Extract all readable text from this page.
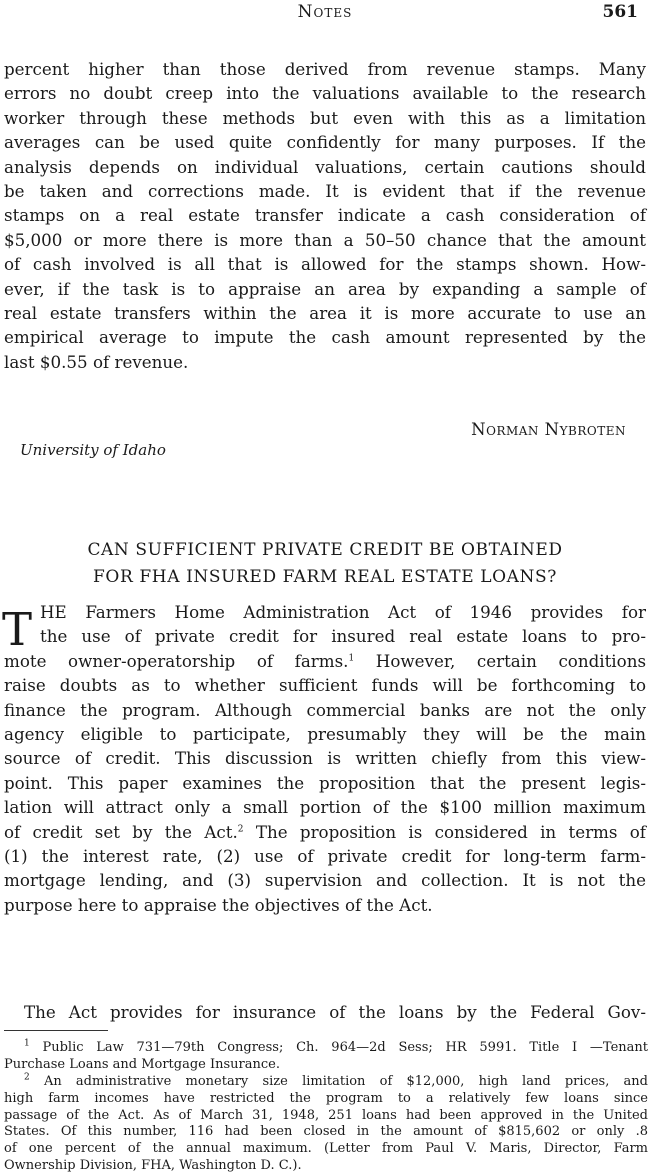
Notes	561
percent higher than those derived from revenue stamps. Many
errors no doubt creep into the valuations available to the research
worker through these methods but even with this as a limitation
averages can be used quite confidently for many purposes. If the
analysis depends on individual valuations, certain cautions should
be taken and corrections made. It is evident that if the revenue
stamps on a real estate transfer indicate a cash consideration of
$5,000 or more there is more than a 50–50 chance that the amount
of cash involved is all that is allowed for the stamps shown. How-
ever, if the task is to appraise an area by expanding a sample of
real estate transfers within the area it is more accurate to use an
empirical average to impute the cash amount represented by the
last $0.55 of revenue.
Norman Nybroten
University of Idaho
CAN SUFFICIENT PRIVATE CREDIT BE OBTAINED
FOR FHA INSURED FARM REAL ESTATE LOANS?
T HE Farmers Home Administration Act of 1946 provides for
the use of private credit for insured real estate loans to pro-
mote owner-operatorship of farms.$^1$ However, certain conditions
raise doubts as to whether sufficient funds will be forthcoming to
finance the program. Although commercial banks are not the only
agency eligible to participate, presumably they will be the main
source of credit. This discussion is written chiefly from this view-
point. This paper examines the proposition that the present legis-
lation will attract only a small portion of the $100 million maximum
of credit set by the Act.$^2$ The proposition is considered in terms of
(1) the interest rate, (2) use of private credit for long-term farm-
mortgage lending, and (3) supervision and collection. It is not the
purpose here to appraise the objectives of the Act.
The Act provides for insurance of the loans by the Federal Gov-
$^1$ Public Law 731—79th Congress; Ch. 964—2d Sess; HR 5991. Title I —Tenant
Purchase Loans and Mortgage Insurance.
$^2$ An administrative monetary size limitation of $12,000, high land prices, and
high farm incomes have restricted the program to a relatively few loans since
passage of the Act. As of March 31, 1948, 251 loans had been approved in the United
States. Of this number, 116 had been closed in the amount of $815,602 or only .8
of one percent of the annual maximum. (Letter from Paul V. Maris, Director, Farm
Ownership Division, FHA, Washington D. C.).
